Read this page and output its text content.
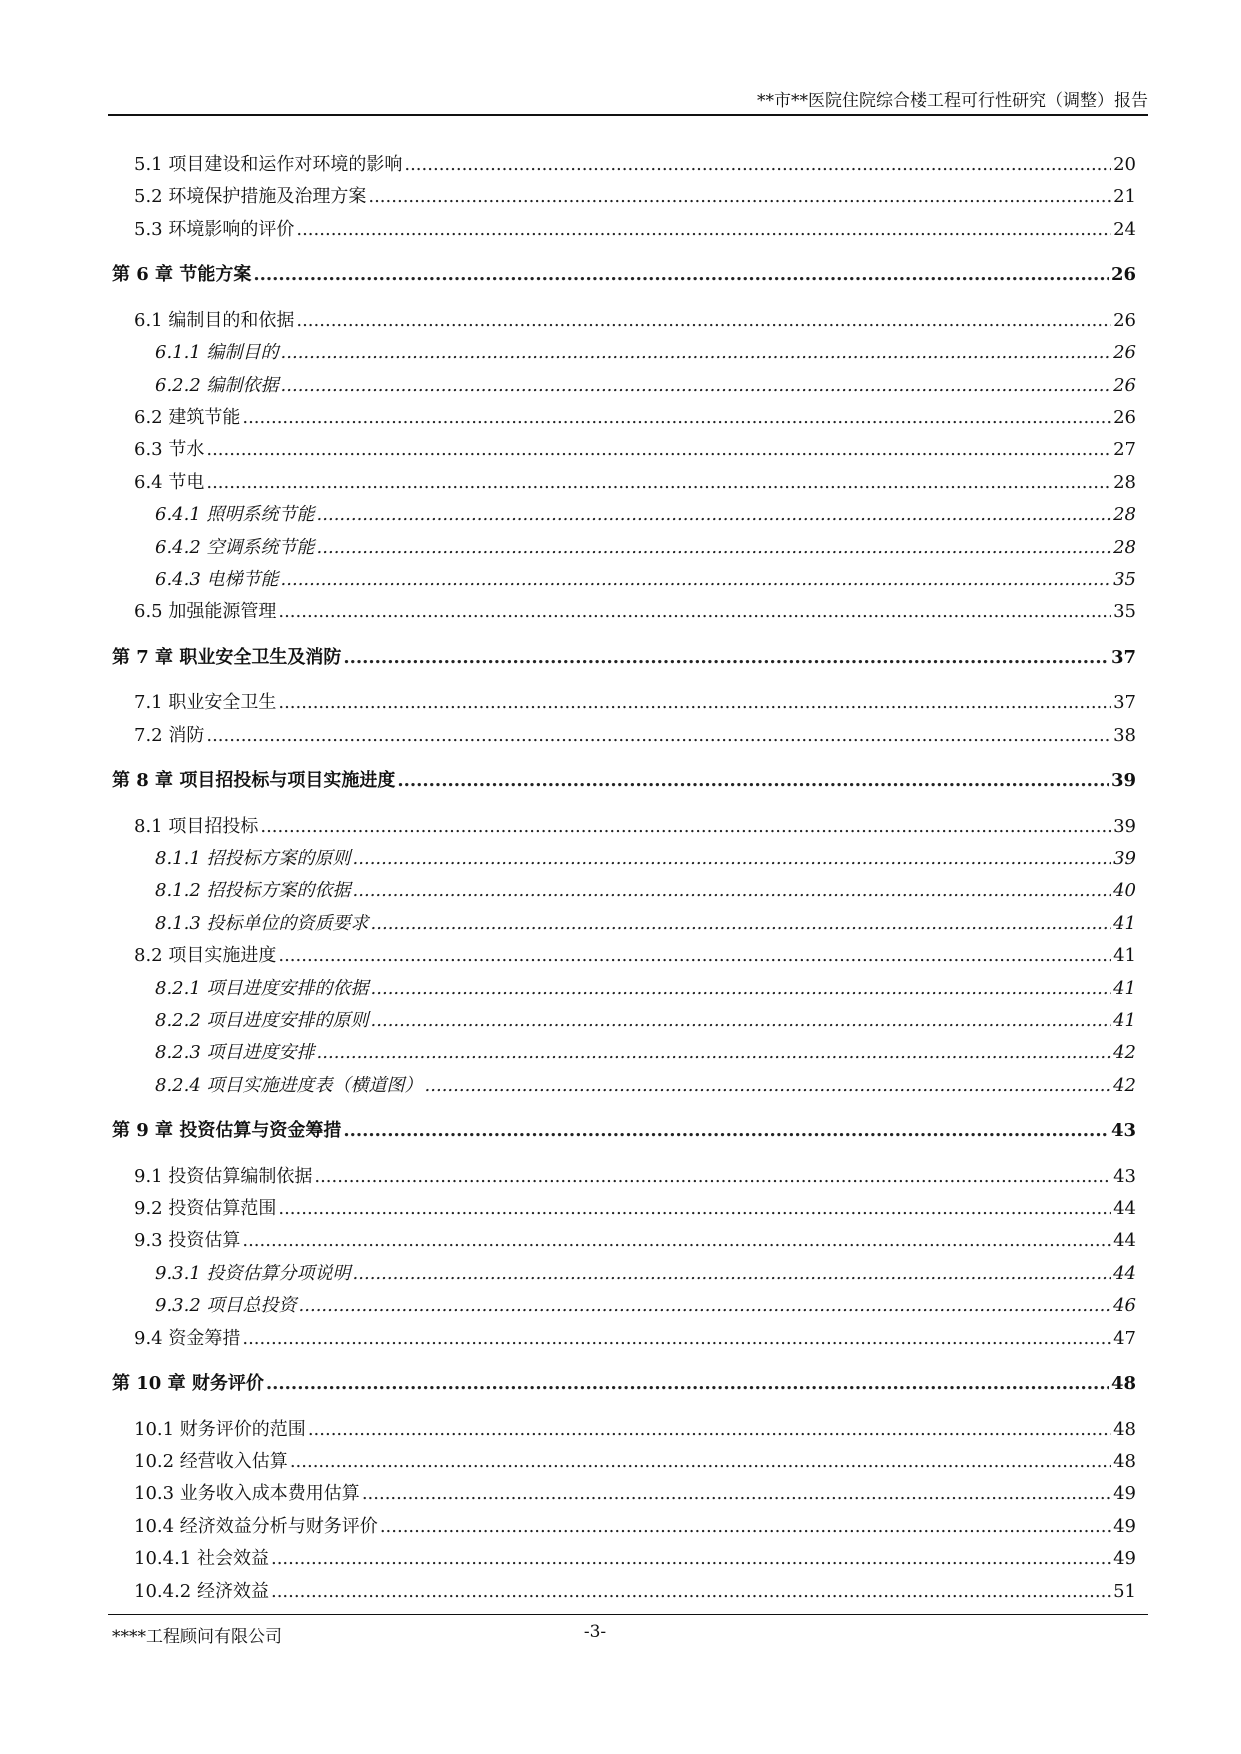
**市**医院住院综合楼工程可行性研究（调整）报告
5.1 项目建设和运作对环境的影响 .....	20
5.2 环境保护措施及治理方案 .....	21
5.3 环境影响的评价 .....	24
第 6 章 节能方案 .....	26
6.1 编制目的和依据 .....	26
6.1.1 编制目的 .....	26
6.2.2 编制依据 .....	26
6.2 建筑节能 .....	26
6.3 节水 .....	27
6.4 节电 .....	28
6.4.1 照明系统节能 .....	28
6.4.2 空调系统节能 .....	28
6.4.3 电梯节能 .....	35
6.5 加强能源管理 .....	35
第 7 章 职业安全卫生及消防 .....	37
7.1 职业安全卫生 .....	37
7.2 消防 .....	38
第 8 章 项目招投标与项目实施进度 .....	39
8.1 项目招投标 .....	39
8.1.1 招投标方案的原则 .....	39
8.1.2 招投标方案的依据 .....	40
8.1.3 投标单位的资质要求 .....	41
8.2 项目实施进度 .....	41
8.2.1 项目进度安排的依据 .....	41
8.2.2 项目进度安排的原则 .....	41
8.2.3 项目进度安排 .....	42
8.2.4 项目实施进度表（横道图） .....	42
第 9 章 投资估算与资金筹措 .....	43
9.1 投资估算编制依据 .....	43
9.2 投资估算范围 .....	44
9.3 投资估算 .....	44
9.3.1 投资估算分项说明 .....	44
9.3.2 项目总投资 .....	46
9.4 资金筹措 .....	47
第 10 章 财务评价 .....	48
10.1 财务评价的范围 .....	48
10.2 经营收入估算 .....	48
10.3 业务收入成本费用估算 .....	49
10.4 经济效益分析与财务评价 .....	49
10.4.1 社会效益 .....	49
10.4.2 经济效益 .....	51
****工程顾问有限公司	-3-
